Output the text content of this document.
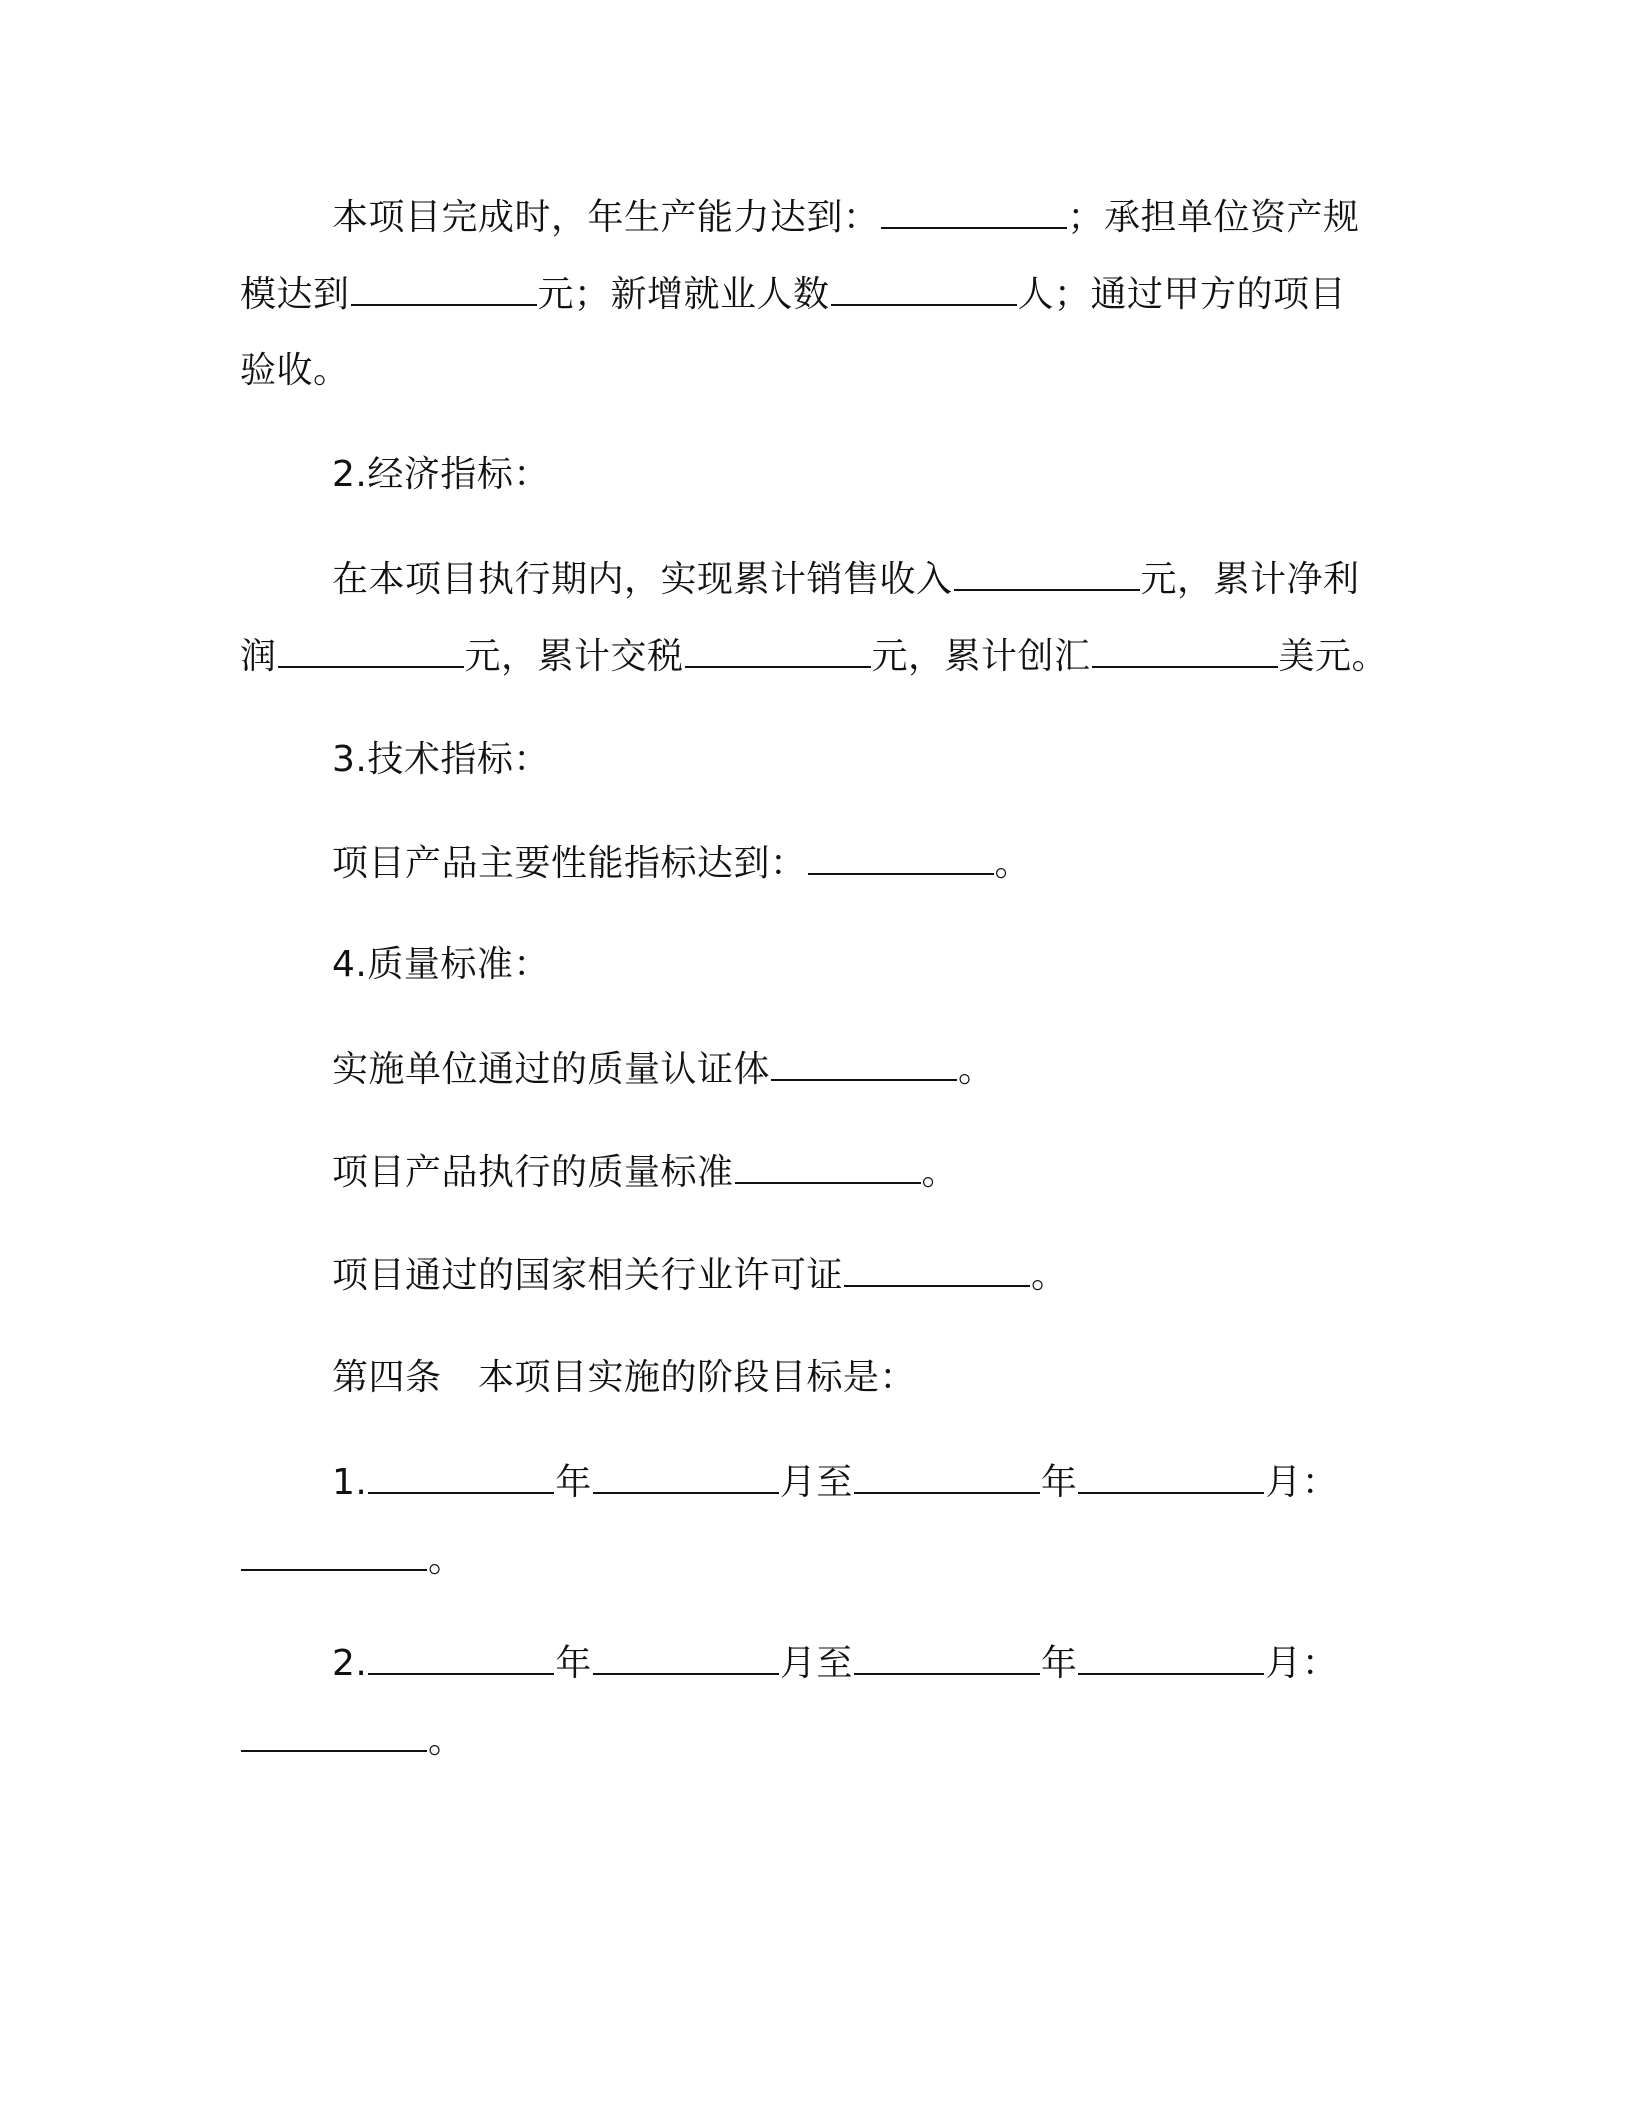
本项目完成时，年生产能力达到：	；承担单位资产规
模达到	元；新增就业人数	人；通过甲方的项目
验收。
2.经济指标：
在本项目执行期内，实现累计销售收入	元，累计净利
润	元，累计交税	元，累计创汇	美元。
3.技术指标：
项目产品主要性能指标达到：	。
4.质量标准：
实施单位通过的质量认证体	。
项目产品执行的质量标准	。
项目通过的国家相关行业许可证	。
第四条　本项目实施的阶段目标是：
1.	年	月至	年	月：
。
2.	年	月至	年	月：
。
